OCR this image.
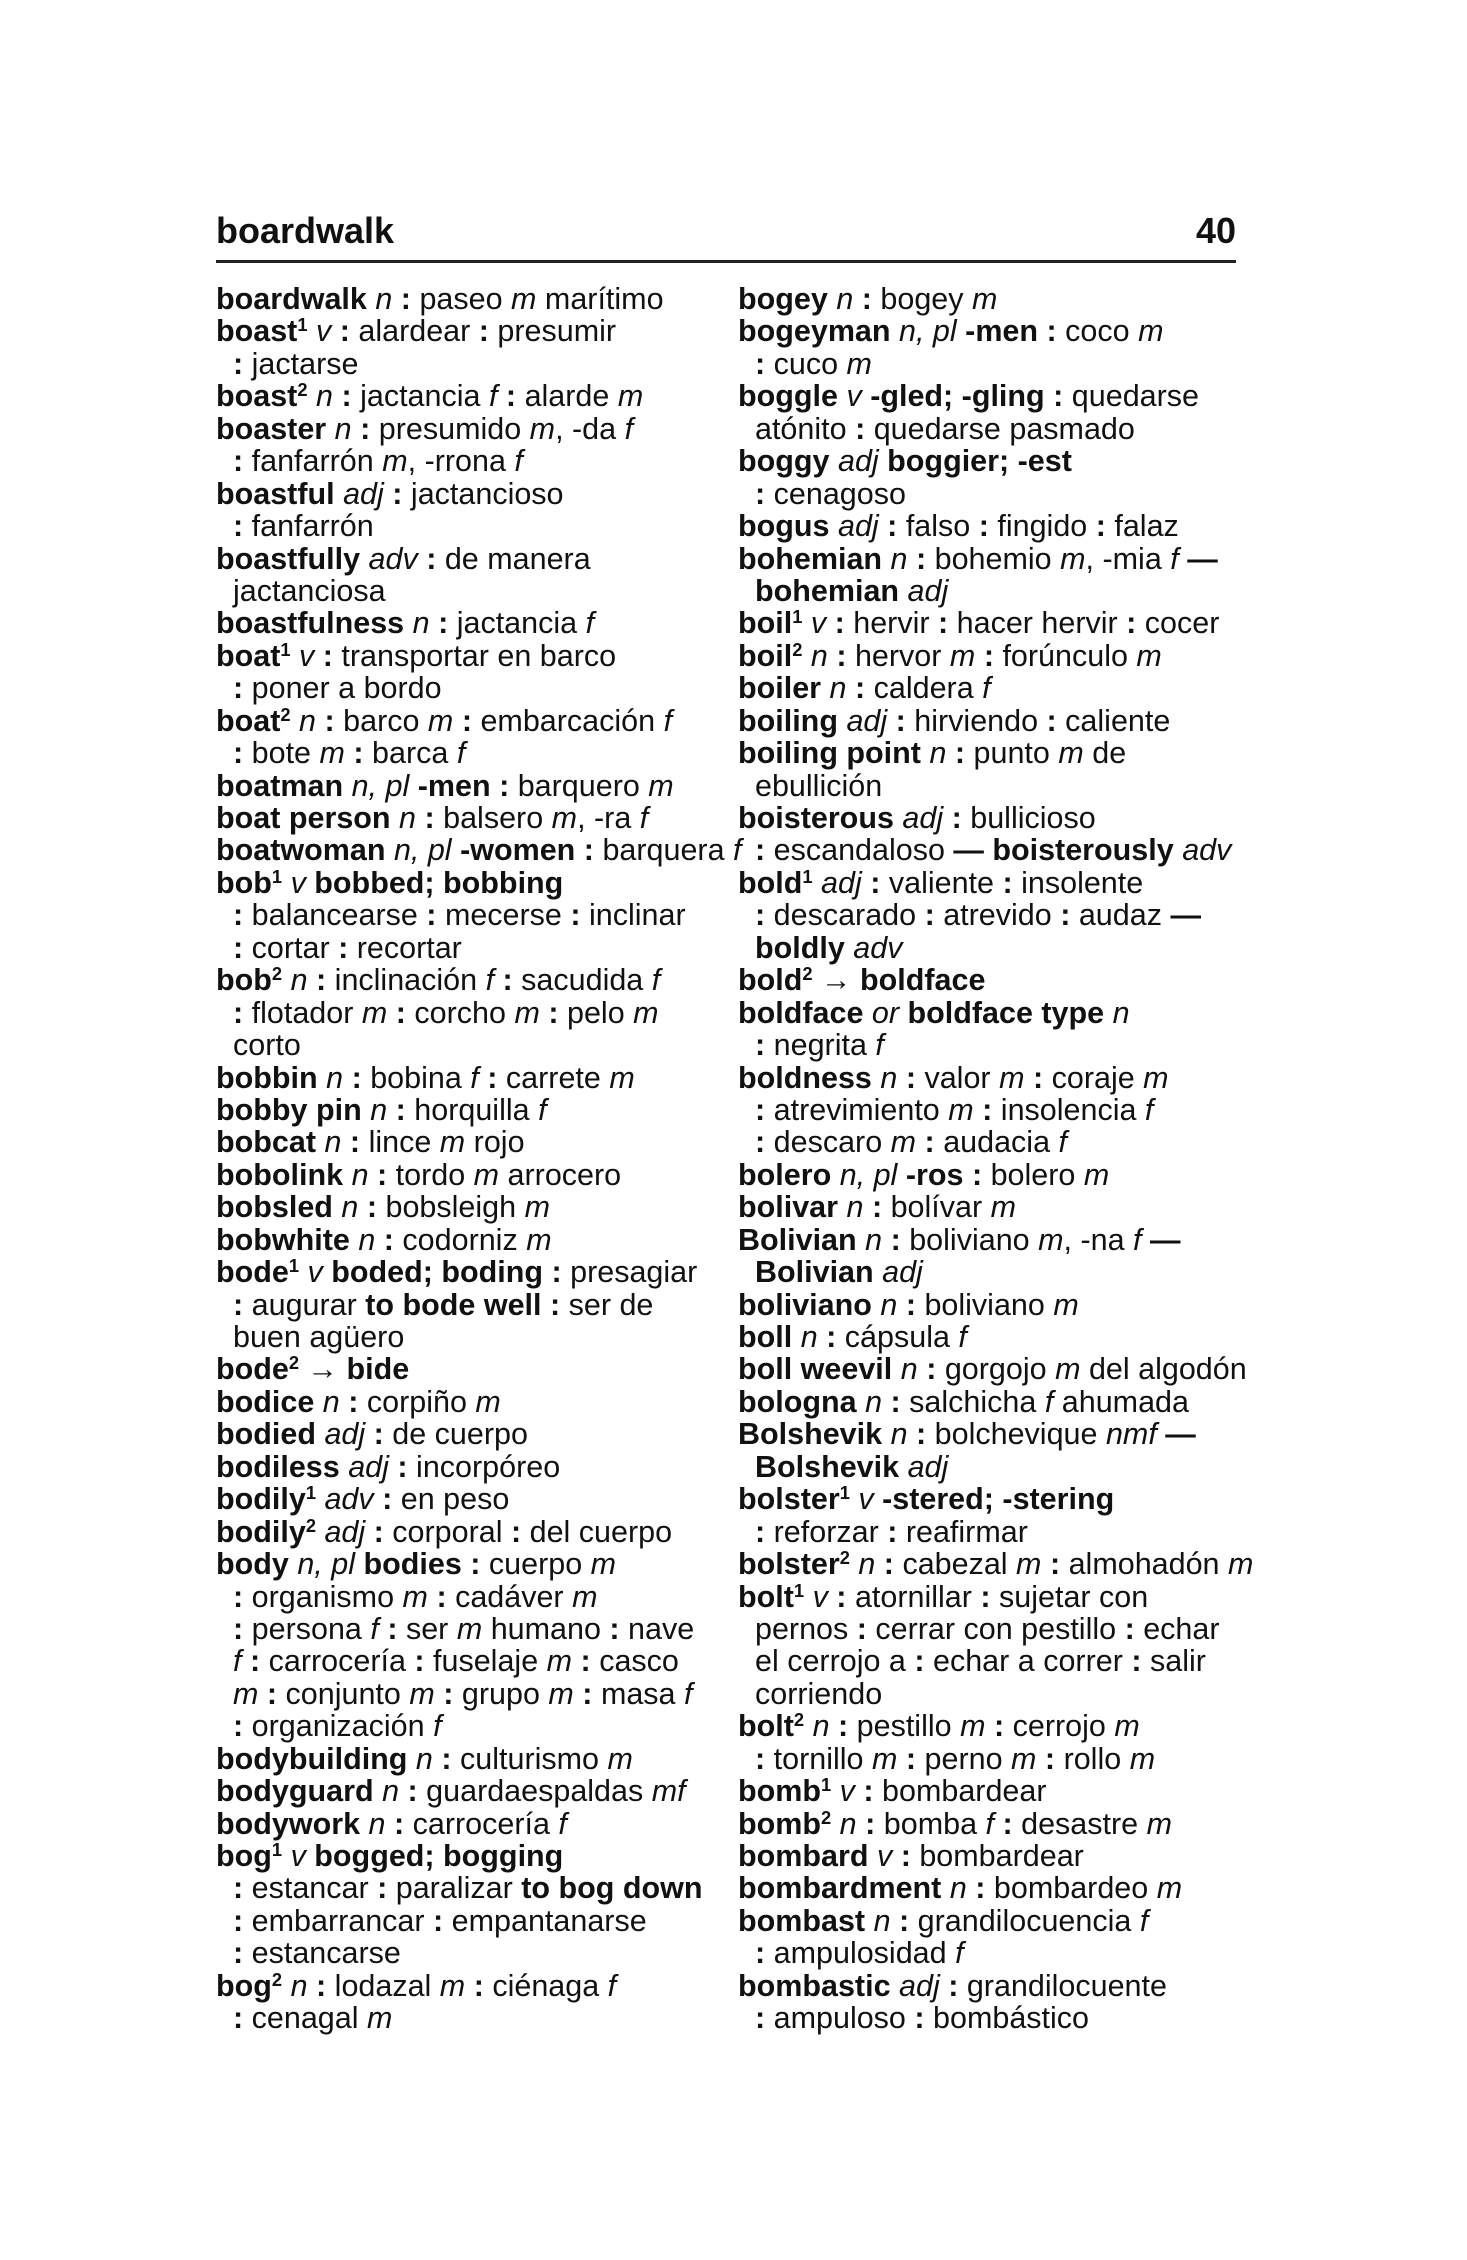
boardwalk	40
boardwalk n : paseo m marítimo
boast$^1$ v : alardear : presumir
: jactarse
boast$^2$ n : jactancia f : alarde m
boaster n : presumido m, -da f
: fanfarrón m, -rrona f
boastful adj : jactancioso
: fanfarrón
boastfully adv : de manera
jactanciosa
boastfulness n : jactancia f
boat$^1$ v : transportar en barco
: poner a bordo
boat$^2$ n : barco m : embarcación f
: bote m : barca f
boatman n, pl -men : barquero m
boat person n : balsero m, -ra f
boatwoman n, pl -women : barquera f
bob$^1$ v bobbed; bobbing
: balancearse : mecerse : inclinar
: cortar : recortar
bob$^2$ n : inclinación f : sacudida f
: flotador m : corcho m : pelo m
corto
bobbin n : bobina f : carrete m
bobby pin n : horquilla f
bobcat n : lince m rojo
bobolink n : tordo m arrocero
bobsled n : bobsleigh m
bobwhite n : codorniz m
bode$^1$ v boded; boding : presagiar
: augurar to bode well : ser de
buen agüero
bode$^2$ → bide
bodice n : corpiño m
bodied adj : de cuerpo
bodiless adj : incorpóreo
bodily$^1$ adv : en peso
bodily$^2$ adj : corporal : del cuerpo
body n, pl bodies : cuerpo m
: organismo m : cadáver m
: persona f : ser m humano : nave
f : carrocería : fuselaje m : casco
m : conjunto m : grupo m : masa f
: organización f
bodybuilding n : culturismo m
bodyguard n : guardaespaldas mf
bodywork n : carrocería f
bog$^1$ v bogged; bogging
: estancar : paralizar to bog down
: embarrancar : empantanarse
: estancarse
bog$^2$ n : lodazal m : ciénaga f
: cenagal m
bogey n : bogey m
bogeyman n, pl -men : coco m
: cuco m
boggle v -gled; -gling : quedarse
atónito : quedarse pasmado
boggy adj boggier; -est
: cenagoso
bogus adj : falso : fingido : falaz
bohemian n : bohemio m, -mia f —
bohemian adj
boil$^1$ v : hervir : hacer hervir : cocer
boil$^2$ n : hervor m : forúnculo m
boiler n : caldera f
boiling adj : hirviendo : caliente
boiling point n : punto m de
ebullición
boisterous adj : bullicioso
: escandaloso — boisterously adv
bold$^1$ adj : valiente : insolente
: descarado : atrevido : audaz —
boldly adv
bold$^2$ → boldface
boldface or boldface type n
: negrita f
boldness n : valor m : coraje m
: atrevimiento m : insolencia f
: descaro m : audacia f
bolero n, pl -ros : bolero m
bolivar n : bolívar m
Bolivian n : boliviano m, -na f —
Bolivian adj
boliviano n : boliviano m
boll n : cápsula f
boll weevil n : gorgojo m del algodón
bologna n : salchicha f ahumada
Bolshevik n : bolchevique nmf —
Bolshevik adj
bolster$^1$ v -stered; -stering
: reforzar : reafirmar
bolster$^2$ n : cabezal m : almohadón m
bolt$^1$ v : atornillar : sujetar con
pernos : cerrar con pestillo : echar
el cerrojo a : echar a correr : salir
corriendo
bolt$^2$ n : pestillo m : cerrojo m
: tornillo m : perno m : rollo m
bomb$^1$ v : bombardear
bomb$^2$ n : bomba f : desastre m
bombard v : bombardear
bombardment n : bombardeo m
bombast n : grandilocuencia f
: ampulosidad f
bombastic adj : grandilocuente
: ampuloso : bombástico
